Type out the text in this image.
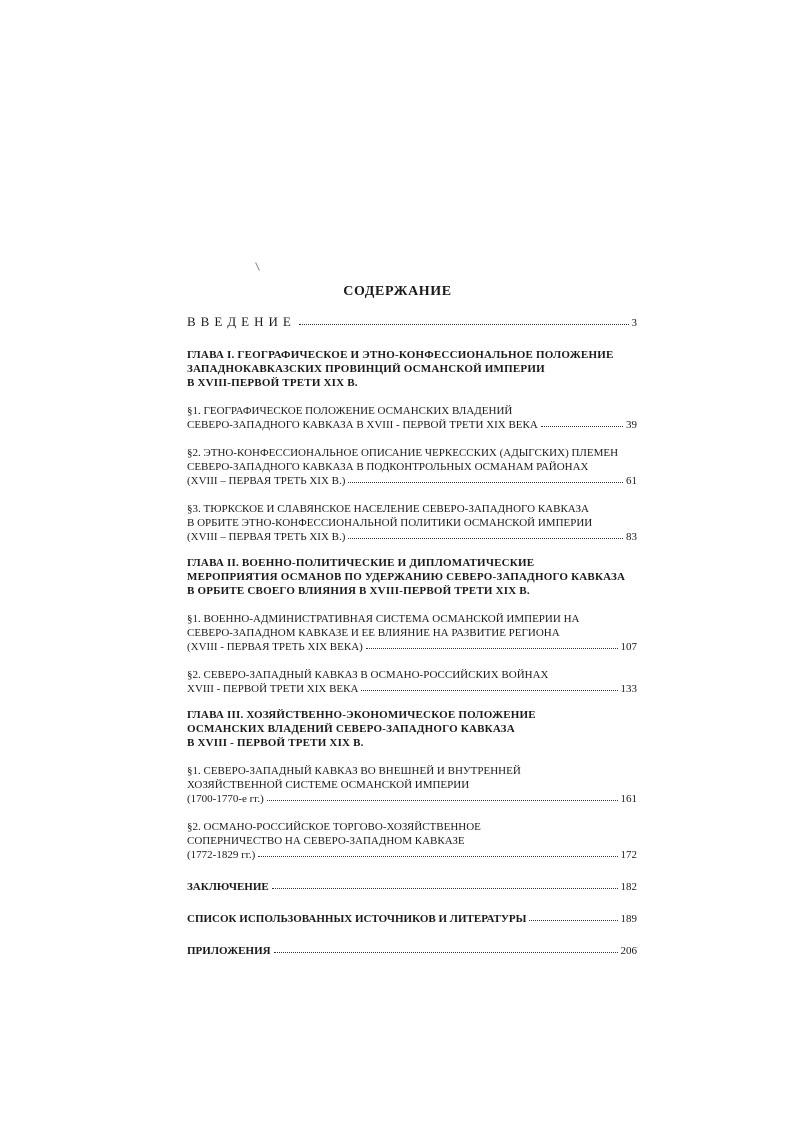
СОДЕРЖАНИЕ
ВВЕДЕНИЕ	3
ГЛАВА I. ГЕОГРАФИЧЕСКОЕ И ЭТНО-КОНФЕССИОНАЛЬНОЕ ПОЛОЖЕНИЕ
ЗАПАДНОКАВКАЗСКИХ ПРОВИНЦИЙ ОСМАНСКОЙ ИМПЕРИИ
В XVIII-ПЕРВОЙ ТРЕТИ XIX В.
§1. ГЕОГРАФИЧЕСКОЕ ПОЛОЖЕНИЕ ОСМАНСКИХ ВЛАДЕНИЙ
СЕВЕРО-ЗАПАДНОГО КАВКАЗА В XVIII - ПЕРВОЙ ТРЕТИ XIX ВЕКА	39
§2. ЭТНО-КОНФЕССИОНАЛЬНОЕ ОПИСАНИЕ ЧЕРКЕССКИХ (АДЫГСКИХ) ПЛЕМЕН
СЕВЕРО-ЗАПАДНОГО КАВКАЗА В ПОДКОНТРОЛЬНЫХ ОСМАНАМ РАЙОНАХ
(XVIII – ПЕРВАЯ ТРЕТЬ XIX В.)	61
§3. ТЮРКСКОЕ И СЛАВЯНСКОЕ НАСЕЛЕНИЕ СЕВЕРО-ЗАПАДНОГО КАВКАЗА
В ОРБИТЕ ЭТНО-КОНФЕССИОНАЛЬНОЙ ПОЛИТИКИ ОСМАНСКОЙ ИМПЕРИИ
(XVIII – ПЕРВАЯ ТРЕТЬ XIX В.)	83
ГЛАВА II. ВОЕННО-ПОЛИТИЧЕСКИЕ И ДИПЛОМАТИЧЕСКИЕ
МЕРОПРИЯТИЯ ОСМАНОВ ПО УДЕРЖАНИЮ СЕВЕРО-ЗАПАДНОГО КАВКАЗА
В ОРБИТЕ СВОЕГО ВЛИЯНИЯ В XVIII-ПЕРВОЙ ТРЕТИ XIX В.
§1. ВОЕННО-АДМИНИСТРАТИВНАЯ СИСТЕМА ОСМАНСКОЙ ИМПЕРИИ НА
СЕВЕРО-ЗАПАДНОМ КАВКАЗЕ И ЕЕ ВЛИЯНИЕ НА РАЗВИТИЕ РЕГИОНА
(XVIII - ПЕРВАЯ ТРЕТЬ XIX ВЕКА)	107
§2. СЕВЕРО-ЗАПАДНЫЙ КАВКАЗ В ОСМАНО-РОССИЙСКИХ ВОЙНАХ
XVIII - ПЕРВОЙ ТРЕТИ XIX ВЕКА	133
ГЛАВА III. ХОЗЯЙСТВЕННО-ЭКОНОМИЧЕСКОЕ ПОЛОЖЕНИЕ
ОСМАНСКИХ ВЛАДЕНИЙ СЕВЕРО-ЗАПАДНОГО КАВКАЗА
В XVIII - ПЕРВОЙ ТРЕТИ XIX В.
§1. СЕВЕРО-ЗАПАДНЫЙ КАВКАЗ ВО ВНЕШНЕЙ И ВНУТРЕННЕЙ
ХОЗЯЙСТВЕННОЙ СИСТЕМЕ ОСМАНСКОЙ ИМПЕРИИ
(1700-1770-е гг.)	161
§2. ОСМАНО-РОССИЙСКОЕ ТОРГОВО-ХОЗЯЙСТВЕННОЕ
СОПЕРНИЧЕСТВО НА СЕВЕРО-ЗАПАДНОМ КАВКАЗЕ
(1772-1829 гг.)	172
ЗАКЛЮЧЕНИЕ	182
СПИСОК ИСПОЛЬЗОВАННЫХ ИСТОЧНИКОВ И ЛИТЕРАТУРЫ	189
ПРИЛОЖЕНИЯ	206
